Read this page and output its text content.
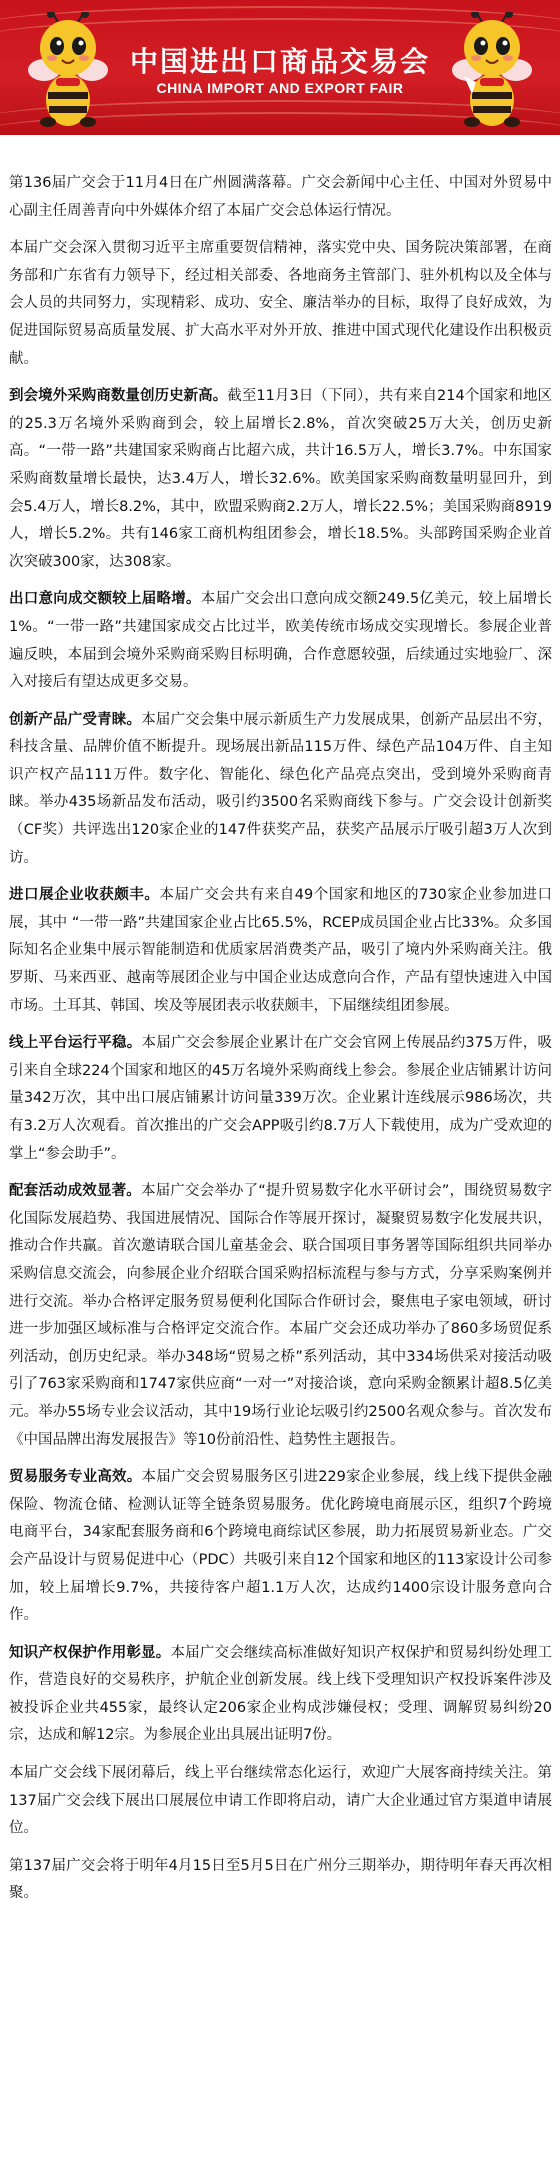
中国进出口商品交易会
CHINA IMPORT AND EXPORT FAIR

第136届广交会于11月4日在广州圆满落幕。广交会新闻中心主任、中国对外贸易中心副主任周善青向中外媒体介绍了本届广交会总体运行情况。

本届广交会深入贯彻习近平主席重要贺信精神，落实党中央、国务院决策部署，在商务部和广东省有力领导下，经过相关部委、各地商务主管部门、驻外机构以及全体与会人员的共同努力，实现精彩、成功、安全、廉洁举办的目标，取得了良好成效，为促进国际贸易高质量发展、扩大高水平对外开放、推进中国式现代化建设作出积极贡献。

到会境外采购商数量创历史新高。截至11月3日（下同），共有来自214个国家和地区的25.3万名境外采购商到会，较上届增长2.8%，首次突破25万大关，创历史新高。“一带一路”共建国家采购商占比超六成，共计16.5万人，增长3.7%。中东国家采购商数量增长最快，达3.4万人，增长32.6%。欧美国家采购商数量明显回升，到会5.4万人，增长8.2%，其中，欧盟采购商2.2万人，增长22.5%；美国采购商8919人，增长5.2%。共有146家工商机构组团参会，增长18.5%。头部跨国采购企业首次突破300家，达308家。

出口意向成交额较上届略增。本届广交会出口意向成交额249.5亿美元，较上届增长1%。“一带一路”共建国家成交占比过半，欧美传统市场成交实现增长。参展企业普遍反映，本届到会境外采购商采购目标明确，合作意愿较强，后续通过实地验厂、深入对接后有望达成更多交易。

创新产品广受青睐。本届广交会集中展示新质生产力发展成果，创新产品层出不穷，科技含量、品牌价值不断提升。现场展出新品115万件、绿色产品104万件、自主知识产权产品111万件。数字化、智能化、绿色化产品亮点突出，受到境外采购商青睐。举办435场新品发布活动，吸引约3500名采购商线下参与。广交会设计创新奖（CF奖）共评选出120家企业的147件获奖产品，获奖产品展示厅吸引超3万人次到访。

进口展企业收获颇丰。本届广交会共有来自49个国家和地区的730家企业参加进口展，其中 “一带一路”共建国家企业占比65.5%，RCEP成员国企业占比33%。众多国际知名企业集中展示智能制造和优质家居消费类产品，吸引了境内外采购商关注。俄罗斯、马来西亚、越南等展团企业与中国企业达成意向合作，产品有望快速进入中国市场。土耳其、韩国、埃及等展团表示收获颇丰，下届继续组团参展。

线上平台运行平稳。本届广交会参展企业累计在广交会官网上传展品约375万件，吸引来自全球224个国家和地区的45万名境外采购商线上参会。参展企业店铺累计访问量342万次，其中出口展店铺累计访问量339万次。企业累计连线展示986场次，共有3.2万人次观看。首次推出的广交会APP吸引约8.7万人下载使用，成为广受欢迎的掌上“参会助手”。

配套活动成效显著。本届广交会举办了“提升贸易数字化水平研讨会”，围绕贸易数字化国际发展趋势、我国进展情况、国际合作等展开探讨，凝聚贸易数字化发展共识，推动合作共赢。首次邀请联合国儿童基金会、联合国项目事务署等国际组织共同举办采购信息交流会，向参展企业介绍联合国采购招标流程与参与方式，分享采购案例并进行交流。举办合格评定服务贸易便利化国际合作研讨会，聚焦电子家电领域，研讨进一步加强区域标准与合格评定交流合作。本届广交会还成功举办了860多场贸促系列活动，创历史纪录。举办348场“贸易之桥”系列活动，其中334场供采对接活动吸引了763家采购商和1747家供应商“一对一”对接洽谈，意向采购金额累计超8.5亿美元。举办55场专业会议活动，其中19场行业论坛吸引约2500名观众参与。首次发布《中国品牌出海发展报告》等10份前沿性、趋势性主题报告。

贸易服务专业高效。本届广交会贸易服务区引进229家企业参展，线上线下提供金融保险、物流仓储、检测认证等全链条贸易服务。优化跨境电商展示区，组织7个跨境电商平台，34家配套服务商和6个跨境电商综试区参展，助力拓展贸易新业态。广交会产品设计与贸易促进中心（PDC）共吸引来自12个国家和地区的113家设计公司参加，较上届增长9.7%，共接待客户超1.1万人次，达成约1400宗设计服务意向合作。

知识产权保护作用彰显。本届广交会继续高标准做好知识产权保护和贸易纠纷处理工作，营造良好的交易秩序，护航企业创新发展。线上线下受理知识产权投诉案件涉及被投诉企业共455家，最终认定206家企业构成涉嫌侵权；受理、调解贸易纠纷20宗，达成和解12宗。为参展企业出具展出证明7份。

本届广交会线下展闭幕后，线上平台继续常态化运行，欢迎广大展客商持续关注。第137届广交会线下展出口展展位申请工作即将启动，请广大企业通过官方渠道申请展位。

第137届广交会将于明年4月15日至5月5日在广州分三期举办，期待明年春天再次相聚。
